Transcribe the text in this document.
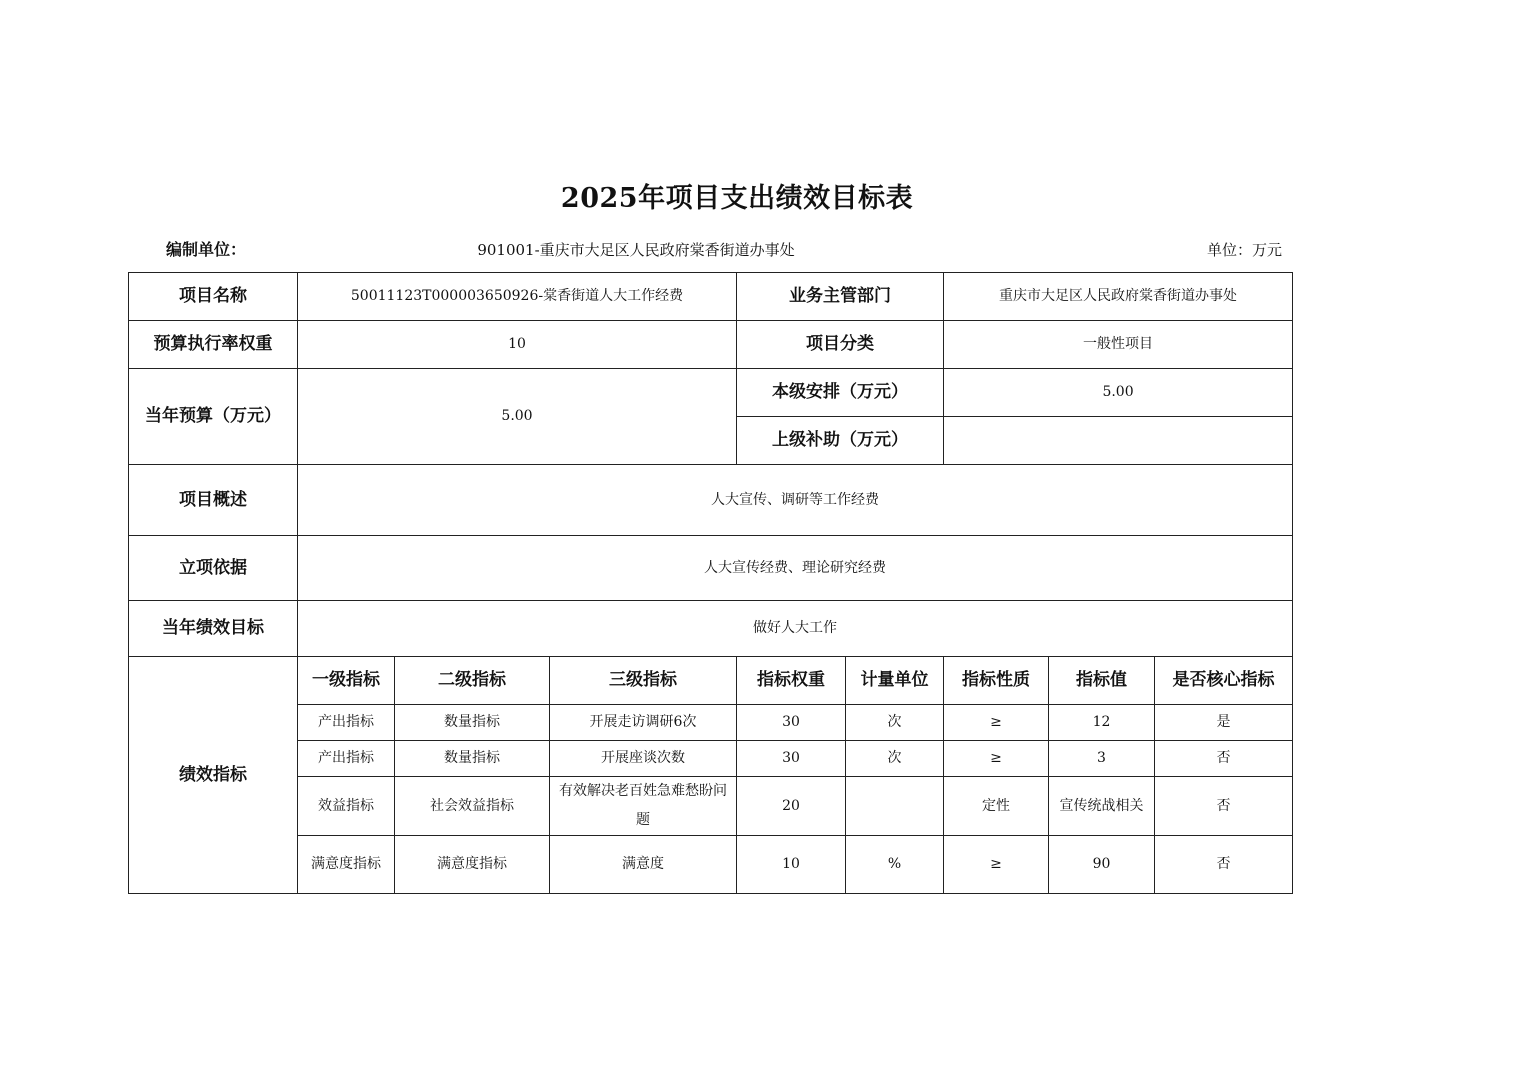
2025年项目支出绩效目标表
编制单位：	901001-重庆市大足区人民政府棠香街道办事处	单位：万元
项目名称	50011123T000003650926-棠香街道人大工作经费			业务主管部门		重庆市大足区人民政府棠香街道办事处		
预算执行率权重	10			项目分类		一般性项目		
当年预算（万元）	5.00			本级安排（万元）		5.00		
				上级补助（万元）				
项目概述	人大宣传、调研等工作经费							
立项依据	人大宣传经费、理论研究经费							
当年绩效目标	做好人大工作							
绩效指标	一级指标	二级指标	三级指标	指标权重	计量单位	指标性质	指标值	是否核心指标
	产出指标	数量指标	开展走访调研6次	30	次	≥	12	是
	产出指标	数量指标	开展座谈次数	30	次	≥	3	否
	效益指标	社会效益指标	有效解决老百姓急难愁盼问题	20		定性	宣传统战相关	否
	满意度指标	满意度指标	满意度	10	%	≥	90	否
